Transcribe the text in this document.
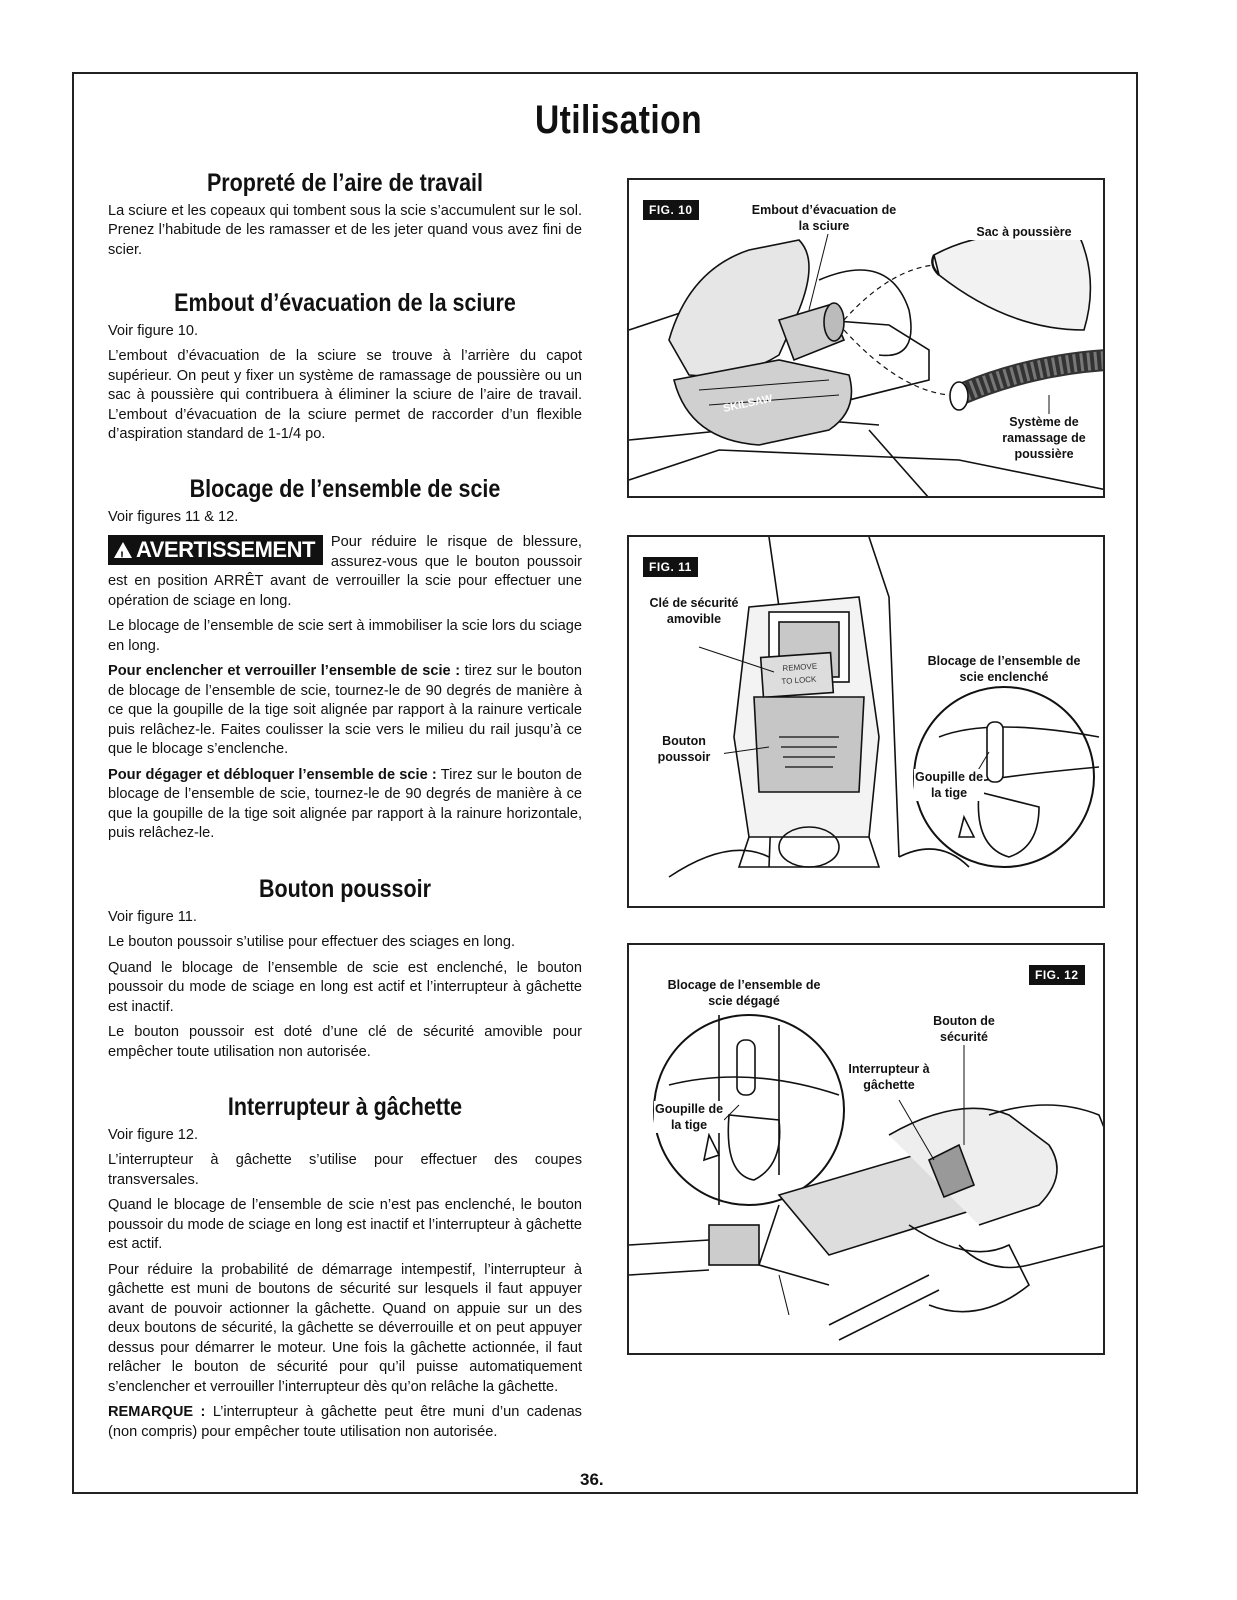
Utilisation
Propreté de l’aire de travail

La sciure et les copeaux qui tombent sous la scie s’accumulent sur le sol. Prenez l’habitude de les ramasser et de les jeter quand vous avez fini de scier.

Embout d’évacuation de la sciure

Voir figure 10.

L’embout d’évacuation de la sciure se trouve à l’arrière du capot supérieur. On peut y fixer un système de ramassage de poussière ou un sac à poussière qui contribuera à éliminer la sciure de l’aire de travail. L’embout d’évacuation de la sciure permet de raccorder d’un flexible d’aspiration standard de 1-1/4 po.

Blocage de l’ensemble de scie

Voir figures 11 & 12.

!AVERTISSEMENT	Pour réduire le risque de blessure, assurez-vous que le bouton poussoir est en position ARRÊT avant de verrouiller la scie pour effectuer une opération de sciage en long.

Le blocage de l’ensemble de scie sert à immobiliser la scie lors du sciage en long.

Pour enclencher et verrouiller l’ensemble de scie : tirez sur le bouton de blocage de l’ensemble de scie, tournez-le de 90 degrés de manière à ce que la goupille de la tige soit alignée par rapport à la rainure verticale puis relâchez-le. Faites coulisser la scie vers le milieu du rail jusqu’à ce que le blocage s’enclenche.

Pour dégager et débloquer l’ensemble de scie : Tirez sur le bouton de blocage de l’ensemble de scie, tournez-le de 90 degrés de manière à ce que la goupille de la tige soit alignée par rapport à la rainure horizontale, puis relâchez-le.

Bouton poussoir

Voir figure 11.

Le bouton poussoir s’utilise pour effectuer des sciages en long.

Quand le blocage de l’ensemble de scie est enclenché, le bouton poussoir du mode de sciage en long est actif et l’interrupteur à gâchette est inactif.

Le bouton poussoir est doté d’une clé de sécurité amovible pour empêcher toute utilisation non autorisée.

Interrupteur à gâchette

Voir figure 12.

L’interrupteur à gâchette s’utilise pour effectuer des coupes transversales.

Quand le blocage de l’ensemble de scie n’est pas enclenché, le bouton poussoir du mode de sciage en long est inactif et l’interrupteur à gâchette est actif.

Pour réduire la probabilité de démarrage intempestif, l’interrupteur à gâchette est muni de boutons de sécurité sur lesquels il faut appuyer avant de pouvoir actionner la gâchette. Quand on appuie sur un des deux boutons de sécurité, la gâchette se déverrouille et on peut appuyer dessus pour démarrer le moteur. Une fois la gâchette actionnée, il faut relâcher le bouton de sécurité pour qu’il puisse automatiquement s’enclencher et verrouiller l’interrupteur dès qu’on relâche la gâchette.

REMARQUE : L’interrupteur à gâchette peut être muni d’un cadenas (non compris) pour empêcher toute utilisation non autorisée.

36.
SKILSAW
FIG. 10	Embout d’évacuation de la sciure	Sac à poussière
Système de ramassage de poussière
REMOVE
TO LOCK
FIG. 11
Clé de sécurité amovible
Bouton poussoir
Blocage de l’ensemble de scie enclenché
Goupille de la tige
FIG. 12
Blocage de l’ensemble de scie dégagé
Bouton de sécurité
Interrupteur à gâchette
Goupille de la tige
